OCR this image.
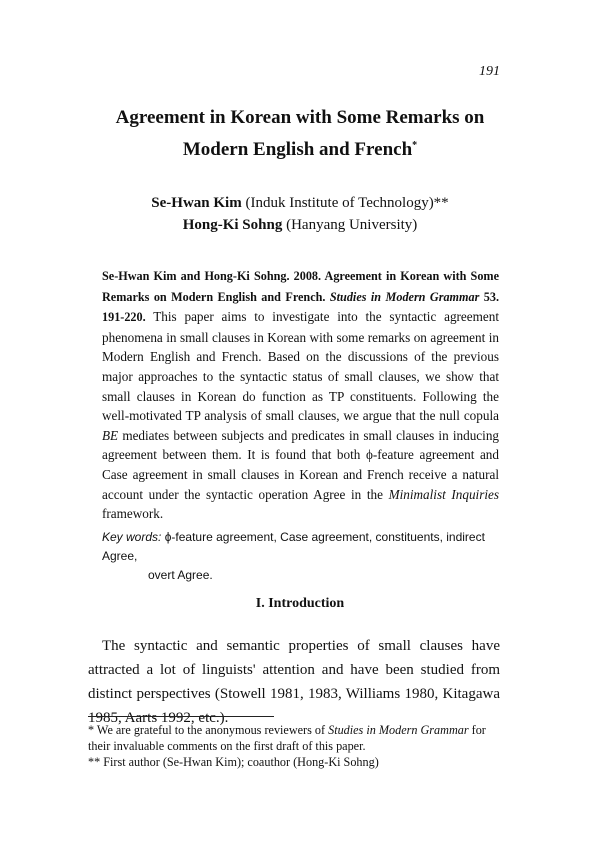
191
Agreement in Korean with Some Remarks on
Modern English and French*
Se-Hwan Kim (Induk Institute of Technology)**
Hong-Ki Sohng (Hanyang University)
Se-Hwan Kim and Hong-Ki Sohng. 2008. Agreement in Korean with Some Remarks on Modern English and French. Studies in Modern Grammar 53. 191-220. This paper aims to investigate into the syntactic agreement phenomena in small clauses in Korean with some remarks on agreement in Modern English and French. Based on the discussions of the previous major approaches to the syntactic status of small clauses, we show that small clauses in Korean do function as TP constituents. Following the well-motivated TP analysis of small clauses, we argue that the null copula BE mediates between subjects and predicates in small clauses in inducing agreement between them. It is found that both ϕ-feature agreement and Case agreement in small clauses in Korean and French receive a natural account under the syntactic operation Agree in the Minimalist Inquiries framework.
Key words: ϕ-feature agreement, Case agreement, constituents, indirect Agree,
overt Agree.
I. Introduction
The syntactic and semantic properties of small clauses have attracted a lot of linguists' attention and have been studied from distinct perspectives (Stowell 1981, 1983, Williams 1980, Kitagawa 1985, Aarts 1992, etc.).

* We are grateful to the anonymous reviewers of Studies in Modern Grammar for their invaluable comments on the first draft of this paper.

** First author (Se-Hwan Kim); coauthor (Hong-Ki Sohng)
